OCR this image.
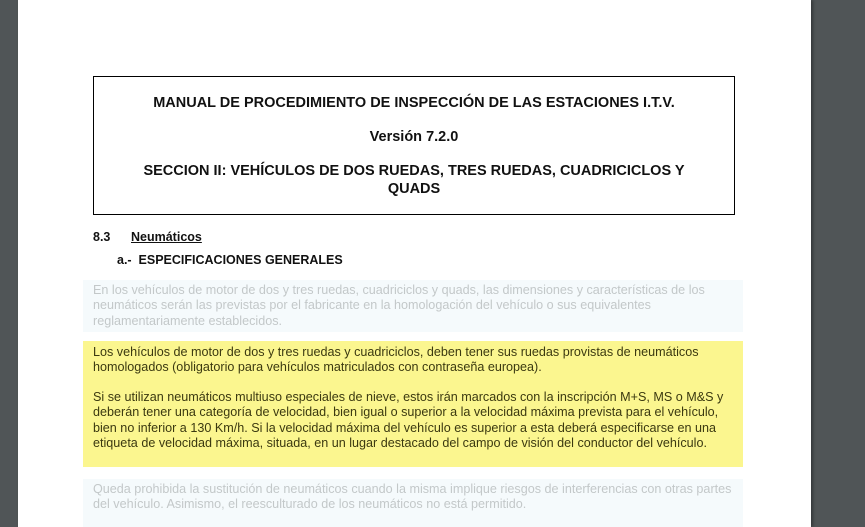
MANUAL DE PROCEDIMIENTO DE INSPECCIÓN DE LAS ESTACIONES I.T.V.
Versión 7.2.0
SECCION II: VEHÍCULOS DE DOS RUEDAS, TRES RUEDAS, CUADRICICLOS Y
QUADS
8.3 Neumáticos
a.-  ESPECIFICACIONES GENERALES
En los vehículos de motor de dos y tres ruedas, cuadriciclos y quads, las dimensiones y características de los neumáticos serán las previstas por el fabricante en la homologación del vehículo o sus equivalentes reglamentariamente establecidos.

Los vehículos de motor de dos y tres ruedas y cuadriciclos, deben tener sus ruedas provistas de neumáticos homologados (obligatorio para vehículos matriculados con contraseña europea).

Si se utilizan neumáticos multiuso especiales de nieve, estos irán marcados con la inscripción M+S, MS o M&S y deberán tener una categoría de velocidad, bien igual o superior a la velocidad máxima prevista para el vehículo, bien no inferior a 130 Km/h. Si la velocidad máxima del vehículo es superior a esta deberá especificarse en una etiqueta de velocidad máxima, situada, en un lugar destacado del campo de visión del conductor del vehículo.

Queda prohibida la sustitución de neumáticos cuando la misma implique riesgos de interferencias con otras partes del vehículo. Asimismo, el reesculturado de los neumáticos no está permitido.
